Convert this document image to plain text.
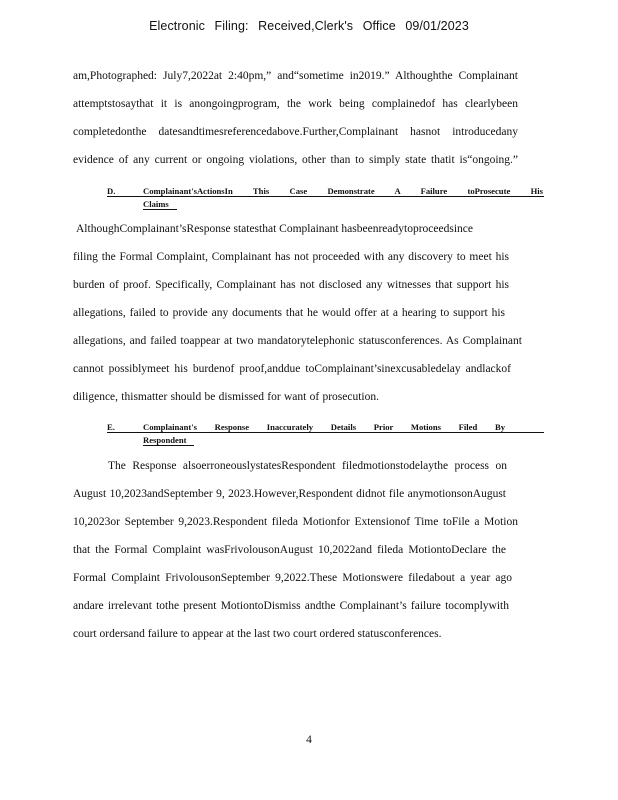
Electronic Filing: Received,Clerk's Office 09/01/2023
am,Photographed: July7,2022at 2:40pm,” and“sometime in2019.” Althoughthe Complainant
attemptstosaythat it is anongoingprogram, the work being complainedof has clearlybeen
completedonthe datesandtimesreferencedabove.Further,Complainant hasnot introducedany
evidence of any current or ongoing violations, other than to simply state thatit is“ongoing.”
D.	Complainant'sActionsIn This Case Demonstrate A Failure toProsecute His
Claims
AlthoughComplainant’sResponse statesthat Complainant hasbeenreadytoproceedsince
filing the Formal Complaint, Complainant has not proceeded with any discovery to meet his
burden of proof. Specifically, Complainant has not disclosed any witnesses that support his
allegations, failed to provide any documents that he would offer at a hearing to support his
allegations, and failed toappear at two mandatorytelephonic statusconferences. As Complainant
cannot possiblymeet his burdenof proof,anddue toComplainant’sinexcusabledelay andlackof
diligence, thismatter should be dismissed for want of prosecution.
E.	Complainant's Response Inaccurately Details Prior Motions Filed By
Respondent
The Response alsoerroneouslystatesRespondent filedmotionstodelaythe process on
August 10,2023andSeptember 9, 2023.However,Respondent didnot file anymotionsonAugust
10,2023or September 9,2023.Respondent fileda Motionfor Extensionof Time toFile a Motion
that the Formal Complaint wasFrivolousonAugust 10,2022and fileda MotiontoDeclare the
Formal Complaint FrivolousonSeptember 9,2022.These Motionswere filedabout a year ago
andare irrelevant tothe present MotiontoDismiss andthe Complainant’s failure tocomplywith
court ordersand failure to appear at the last two court ordered statusconferences.
4
